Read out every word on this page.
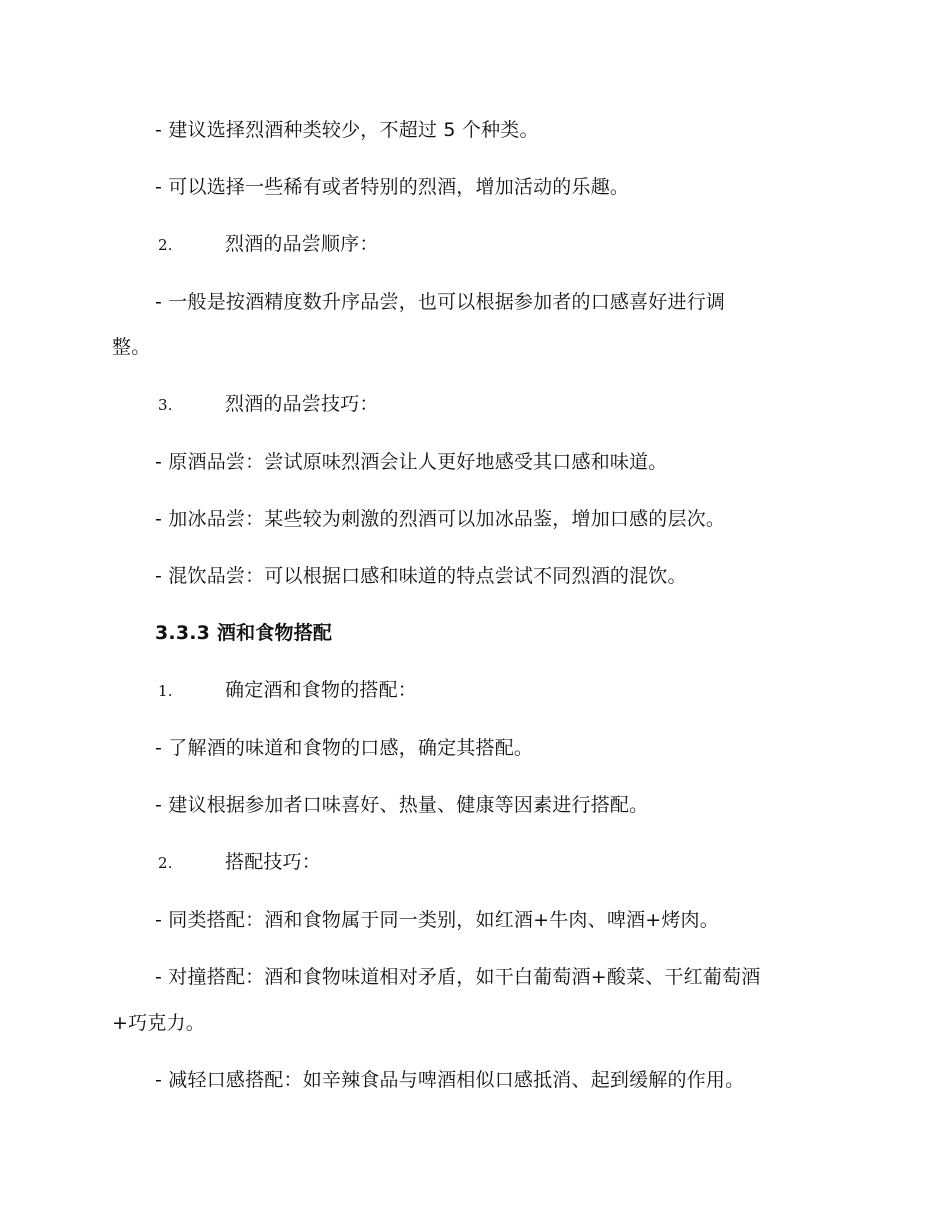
- 建议选择烈酒种类较少，不超过 5 个种类。
- 可以选择一些稀有或者特别的烈酒，增加活动的乐趣。
2.	烈酒的品尝顺序：
- 一般是按酒精度数升序品尝，也可以根据参加者的口感喜好进行调
整。
3.	烈酒的品尝技巧：
- 原酒品尝：尝试原味烈酒会让人更好地感受其口感和味道。
- 加冰品尝：某些较为刺激的烈酒可以加冰品鉴，增加口感的层次。
- 混饮品尝：可以根据口感和味道的特点尝试不同烈酒的混饮。
3.3.3 酒和食物搭配
1.	确定酒和食物的搭配：
- 了解酒的味道和食物的口感，确定其搭配。
- 建议根据参加者口味喜好、热量、健康等因素进行搭配。
2.	搭配技巧：
- 同类搭配：酒和食物属于同一类别，如红酒+牛肉、啤酒+烤肉。
- 对撞搭配：酒和食物味道相对矛盾，如干白葡萄酒+酸菜、干红葡萄酒
+巧克力。
- 减轻口感搭配：如辛辣食品与啤酒相似口感抵消、起到缓解的作用。
